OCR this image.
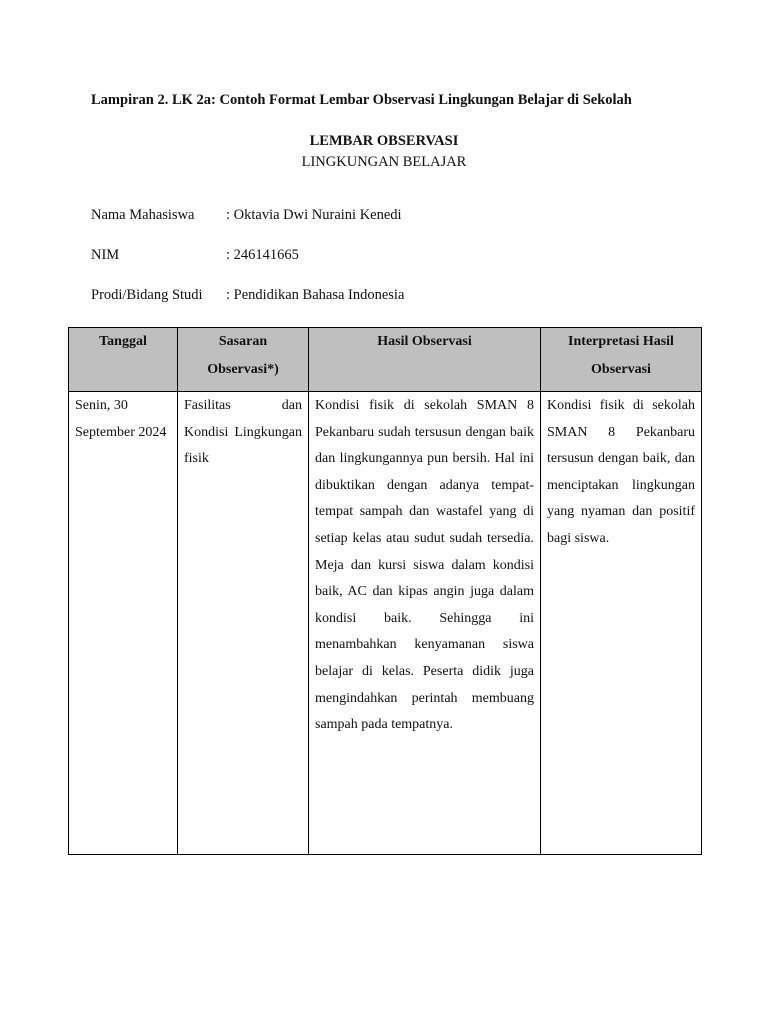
Lampiran 2. LK 2a: Contoh Format Lembar Observasi Lingkungan Belajar di Sekolah
LEMBAR OBSERVASI
LINGKUNGAN BELAJAR
Nama Mahasiswa : Oktavia Dwi Nuraini Kenedi
NIM	: 246141665
Prodi/Bidang Studi : Pendidikan Bahasa Indonesia
Tanggal	Sasaran Observasi*)	Hasil Observasi	Interpretasi Hasil Observasi
Senin, 30 September 2024	Fasilitas dan Kondisi Lingkungan fisik	Kondisi fisik di sekolah SMAN 8 Pekanbaru sudah tersusun dengan baik dan lingkungannya pun bersih. Hal ini dibuktikan dengan adanya tempat-tempat sampah dan wastafel yang di setiap kelas atau sudut sudah tersedia. Meja dan kursi siswa dalam kondisi baik, AC dan kipas angin juga dalam kondisi baik. Sehingga ini menambahkan kenyamanan siswa belajar di kelas. Peserta didik juga mengindahkan perintah membuang sampah pada tempatnya.	Kondisi fisik di sekolah SMAN 8 Pekanbaru tersusun dengan baik, dan menciptakan lingkungan yang nyaman dan positif bagi siswa.
